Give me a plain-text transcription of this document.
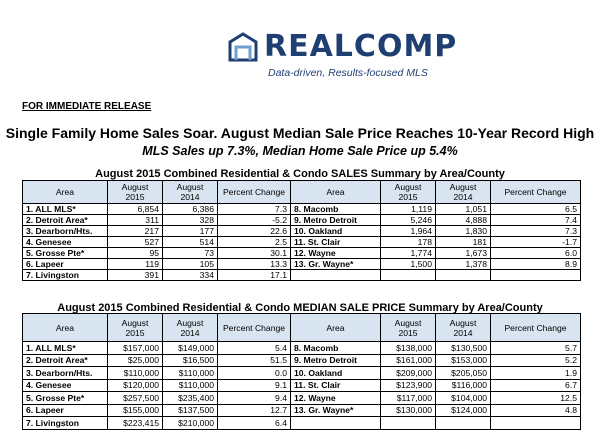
REALCOMP
Data-driven, Results-focused MLS
FOR IMMEDIATE RELEASE
Single Family Home Sales Soar. August Median Sale Price Reaches 10-Year Record High
MLS Sales up 7.3%, Median Home Sale Price up 5.4%
August 2015 Combined Residential & Condo SALES Summary by Area/County
Area	August 2015	August 2014	Percent Change	Area	August 2015	August 2014	Percent Change
1. ALL MLS*	6,854	6,386	7.3	8. Macomb	1,119	1,051	6.5
2. Detroit Area*	311	328	-5.2	9. Metro Detroit	5,246	4,888	7.4
3. Dearborn/Hts.	217	177	22.6	10. Oakland	1,964	1,830	7.3
4. Genesee	527	514	2.5	11. St. Clair	178	181	-1.7
5. Grosse Pte*	95	73	30.1	12. Wayne	1,774	1,673	6.0
6. Lapeer	119	105	13.3	13. Gr. Wayne*	1,500	1,378	8.9
7. Livingston	391	334	17.1				
August 2015 Combined Residential & Condo MEDIAN SALE PRICE Summary by Area/County
Area	August 2015	August 2014	Percent Change	Area	August 2015	August 2014	Percent Change
1. ALL MLS*	$157,000	$149,000	5.4	8. Macomb	$138,000	$130,500	5.7
2. Detroit Area*	$25,000	$16,500	51.5	9. Metro Detroit	$161,000	$153,000	5.2
3. Dearborn/Hts.	$110,000	$110,000	0.0	10. Oakland	$209,000	$205,050	1.9
4. Genesee	$120,000	$110,000	9.1	11. St. Clair	$123,900	$116,000	6.7
5. Grosse Pte*	$257,500	$235,400	9.4	12. Wayne	$117,000	$104,000	12.5
6. Lapeer	$155,000	$137,500	12.7	13. Gr. Wayne*	$130,000	$124,000	4.8
7. Livingston	$223,415	$210,000	6.4				
